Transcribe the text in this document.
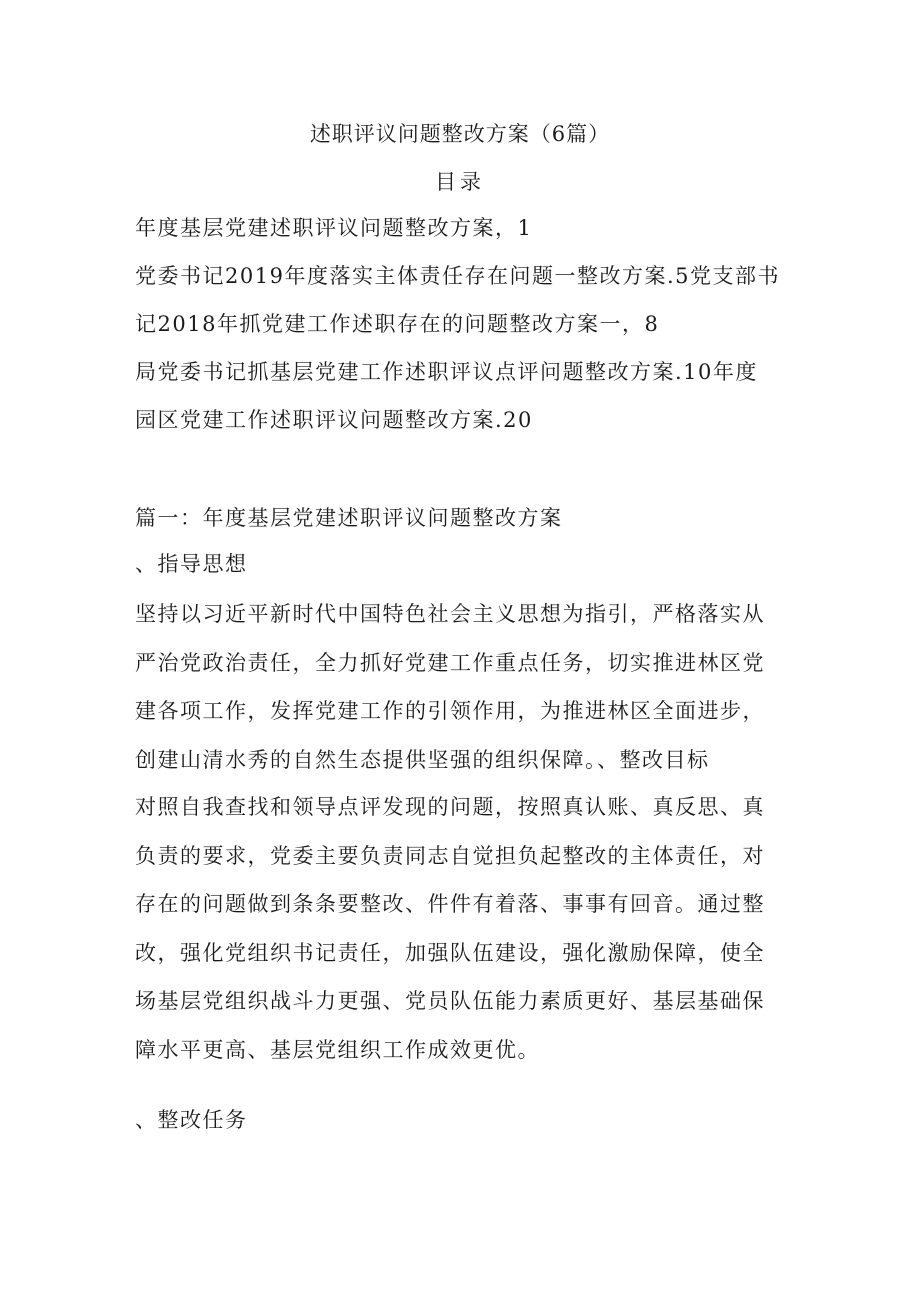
述职评议问题整改方案（6篇）
目录
年度基层党建述职评议问题整改方案，1
党委书记2019年度落实主体责任存在问题一整改方案.5党支部书
记2018年抓党建工作述职存在的问题整改方案一，8
局党委书记抓基层党建工作述职评议点评问题整改方案.10年度
园区党建工作述职评议问题整改方案.20
篇一：年度基层党建述职评议问题整改方案
、指导思想
坚持以习近平新时代中国特色社会主义思想为指引，严格落实从
严治党政治责任，全力抓好党建工作重点任务，切实推进林区党
建各项工作，发挥党建工作的引领作用，为推进林区全面进步，
创建山清水秀的自然生态提供坚强的组织保障。、整改目标
对照自我查找和领导点评发现的问题，按照真认账、真反思、真
负责的要求，党委主要负责同志自觉担负起整改的主体责任，对
存在的问题做到条条要整改、件件有着落、事事有回音。通过整
改，强化党组织书记责任，加强队伍建设，强化激励保障，使全
场基层党组织战斗力更强、党员队伍能力素质更好、基层基础保
障水平更高、基层党组织工作成效更优。
、整改任务
